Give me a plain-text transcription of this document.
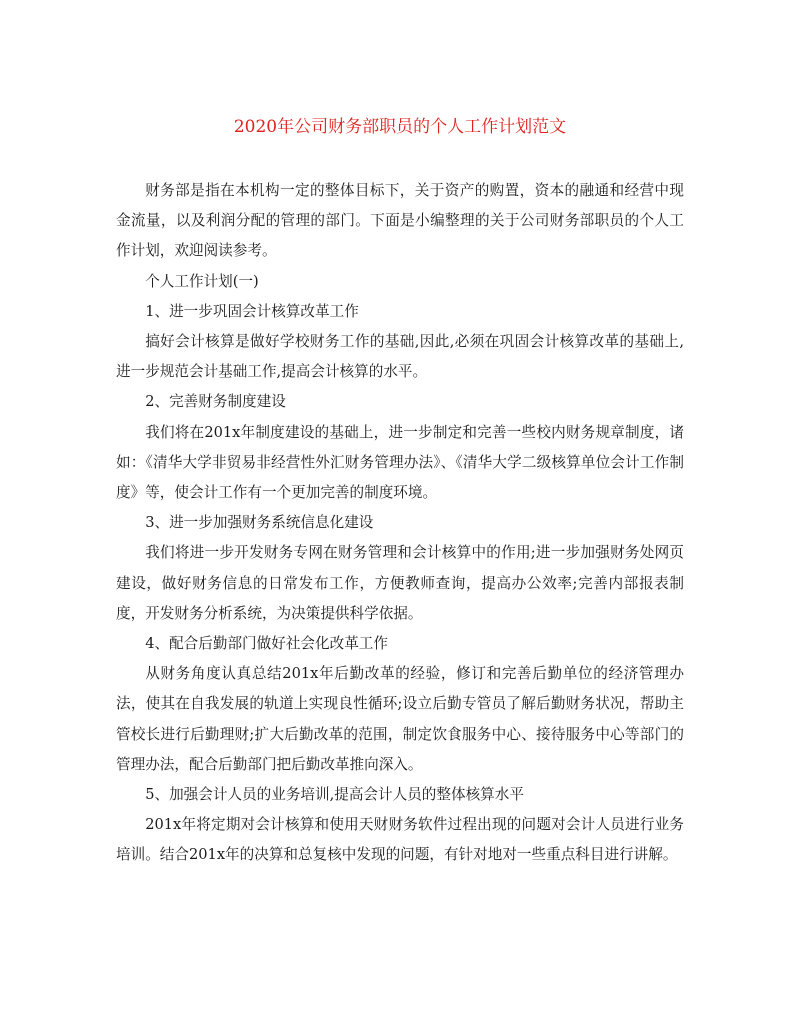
2020年公司财务部职员的个人工作计划范文

财务部是指在本机构一定的整体目标下，关于资产的购置，资本的融通和经营中现金流量，以及利润分配的管理的部门。下面是小编整理的关于公司财务部职员的个人工作计划，欢迎阅读参考。

个人工作计划(一)

1、进一步巩固会计核算改革工作

搞好会计核算是做好学校财务工作的基础,因此,必须在巩固会计核算改革的基础上,进一步规范会计基础工作,提高会计核算的水平。

2、完善财务制度建设

我们将在201x年制度建设的基础上，进一步制定和完善一些校内财务规章制度，诸如：《清华大学非贸易非经营性外汇财务管理办法》、《清华大学二级核算单位会计工作制度》等，使会计工作有一个更加完善的制度环境。

3、进一步加强财务系统信息化建设

我们将进一步开发财务专网在财务管理和会计核算中的作用;进一步加强财务处网页建设，做好财务信息的日常发布工作，方便教师查询，提高办公效率;完善内部报表制度，开发财务分析系统，为决策提供科学依据。

4、配合后勤部门做好社会化改革工作

从财务角度认真总结201x年后勤改革的经验，修订和完善后勤单位的经济管理办法，使其在自我发展的轨道上实现良性循环;设立后勤专管员了解后勤财务状况，帮助主管校长进行后勤理财;扩大后勤改革的范围，制定饮食服务中心、接待服务中心等部门的管理办法，配合后勤部门把后勤改革推向深入。

5、加强会计人员的业务培训,提高会计人员的整体核算水平

201x年将定期对会计核算和使用天财财务软件过程出现的问题对会计人员进行业务培训。结合201x年的决算和总复核中发现的问题，有针对地对一些重点科目进行讲解。
